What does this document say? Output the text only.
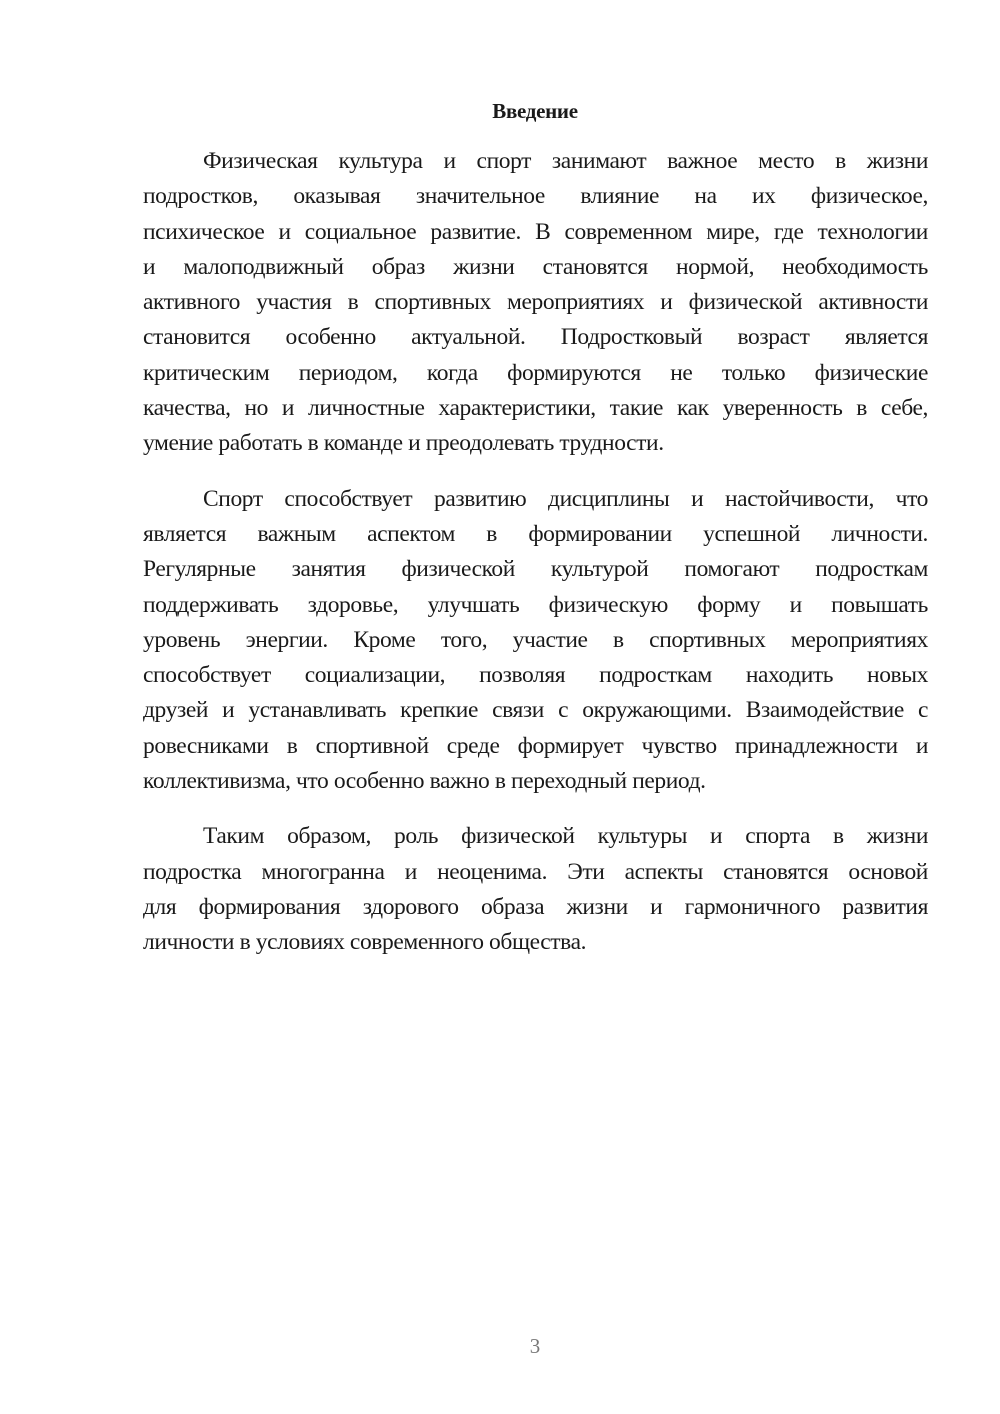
Введение
Физическая культура и спорт занимают важное место в жизни
подростков, оказывая значительное влияние на их физическое,
психическое и социальное развитие. В современном мире, где технологии
и малоподвижный образ жизни становятся нормой, необходимость
активного участия в спортивных мероприятиях и физической активности
становится особенно актуальной. Подростковый возраст является
критическим периодом, когда формируются не только физические
качества, но и личностные характеристики, такие как уверенность в себе,
умение работать в команде и преодолевать трудности.
Спорт способствует развитию дисциплины и настойчивости, что
является важным аспектом в формировании успешной личности.
Регулярные занятия физической культурой помогают подросткам
поддерживать здоровье, улучшать физическую форму и повышать
уровень энергии. Кроме того, участие в спортивных мероприятиях
способствует социализации, позволяя подросткам находить новых
друзей и устанавливать крепкие связи с окружающими. Взаимодействие с
ровесниками в спортивной среде формирует чувство принадлежности и
коллективизма, что особенно важно в переходный период.
Таким образом, роль физической культуры и спорта в жизни
подростка многогранна и неоценима. Эти аспекты становятся основой
для формирования здорового образа жизни и гармоничного развития
личности в условиях современного общества.
3
